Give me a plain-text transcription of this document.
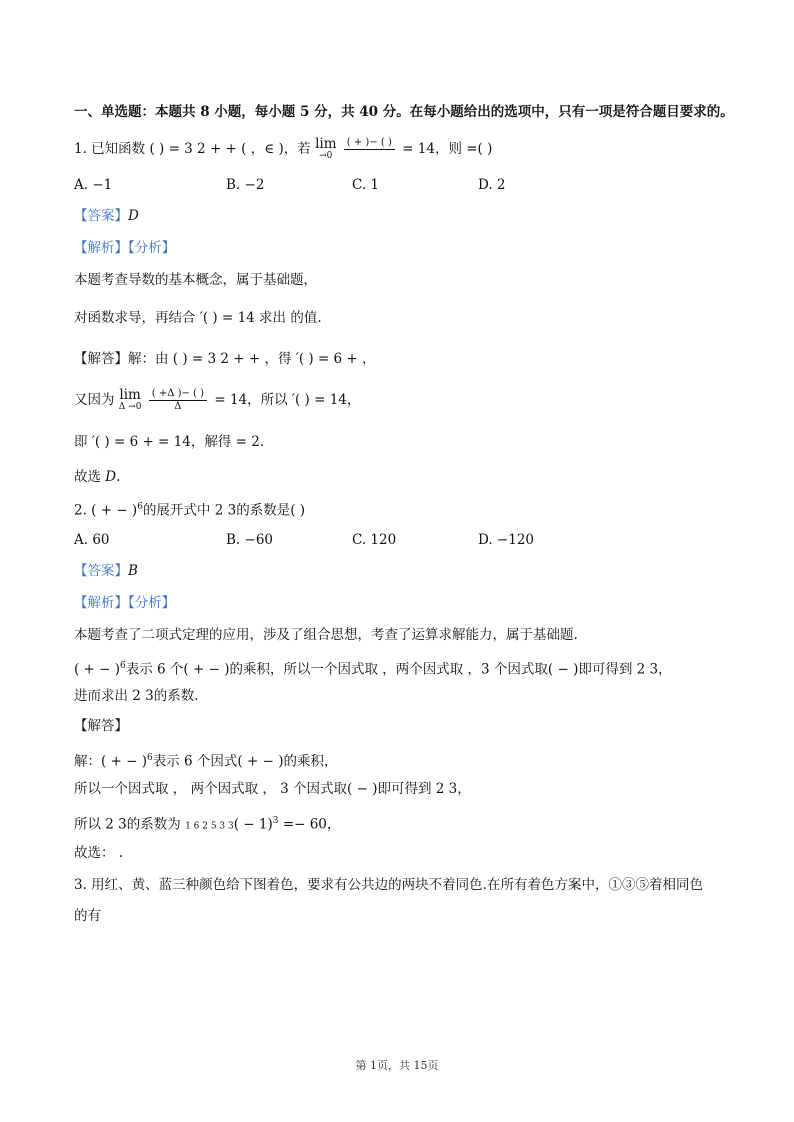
一、单选题：本题共 8 小题，每小题 5 分，共 40 分。在每小题给出的选项中，只有一项是符合题目要求的。
1. 已知函数 ( ) = 3 2 + + ( ，∈ )，若 lim
→0

( + )− ( )
= 14，则 =( )
A. −1	B. −2	C. 1	D. 2
【答案】D
【解析】【分析】
本题考查导数的基本概念，属于基础题，
对函数求导，再结合 ′( ) = 14 求出 的值.
【解答】解：由 ( ) = 3 2 + + ，得 ′( ) = 6 + ，
又因为 lim
Δ →0
$\frac{( +\Delta )- ( )}{\Delta} = 14$，所以 ′( ) = 14，
即 ′( ) = 6 + = 14，解得 = 2.
故选 D.
2. ( + − )$^6$的展开式中 2 3的系数是( )
A. 60	B. −60	C. 120	D. −120
【答案】B
【解析】【分析】
本题考查了二项式定理的应用，涉及了组合思想，考查了运算求解能力，属于基础题.
( + − )$^6$表示 6 个( + − )的乘积，所以一个因式取 ，两个因式取 ，3 个因式取( − )即可得到 2 3，
进而求出 2 3的系数.
【解答】
解：( + − )$^6$表示 6 个因式( + − )的乘积，
所以一个因式取 ， 两个因式取 ， 3 个因式取( − )即可得到 2 3，
所以 2 3的系数为 1 6 2 5 3 $3( - 1)^3 =- 60$，
故选： .
3. 用红、黄、蓝三种颜色给下图着色，要求有公共边的两块不着同色.在所有着色方案中，①③⑤着相同色
的有
第 1页，共 15页
